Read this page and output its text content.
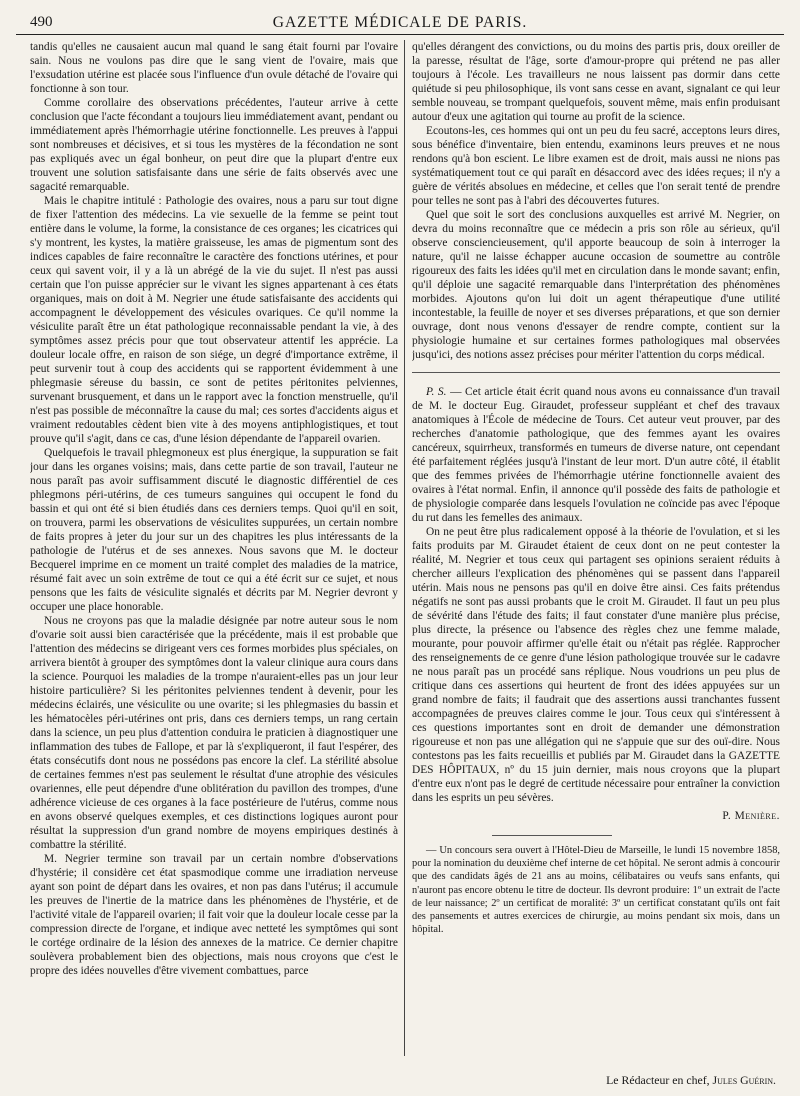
490	GAZETTE MÉDICALE DE PARIS.

tandis qu'elles ne causaient aucun mal quand le sang était fourni par l'ovaire sain. Nous ne voulons pas dire que le sang vient de l'ovaire, mais que l'exsudation utérine est placée sous l'influence d'un ovule détaché de l'ovaire qui fonctionne à son tour.

Comme corollaire des observations précédentes, l'auteur arrive à cette conclusion que l'acte fécondant a toujours lieu immédiatement avant, pendant ou immédiatement après l'hémorrhagie utérine fonctionnelle. Les preuves à l'appui sont nombreuses et décisives, et si tous les mystères de la fécondation ne sont pas expliqués avec un égal bonheur, on peut dire que la plupart d'entre eux trouvent une solution satisfaisante dans une série de faits observés avec une sagacité remarquable.

Mais le chapitre intitulé : Pathologie des ovaires, nous a paru sur tout digne de fixer l'attention des médecins. La vie sexuelle de la femme se peint tout entière dans le volume, la forme, la consistance de ces organes; les cicatrices qui s'y montrent, les kystes, la matière graisseuse, les amas de pigmentum sont des indices capables de faire reconnaître le caractère des fonctions utérines, et pour ceux qui savent voir, il y a là un abrégé de la vie du sujet. Il n'est pas aussi certain que l'on puisse apprécier sur le vivant les signes appartenant à ces états organiques, mais on doit à M. Negrier une étude satisfaisante des accidents qui accompagnent le développement des vésicules ovariques. Ce qu'il nomme la vésiculite paraît être un état pathologique reconnaissable pendant la vie, à des symptômes assez précis pour que tout observateur attentif les apprécie. La douleur locale offre, en raison de son siége, un degré d'importance extrême, il peut survenir tout à coup des accidents qui se rapportent évidemment à une phlegmasie séreuse du bassin, ce sont de petites péritonites pelviennes, survenant brusquement, et dans un le rapport avec la fonction menstruelle, qu'il n'est pas possible de méconnaître la cause du mal; ces sortes d'accidents aigus et vraiment redoutables cèdent bien vite à des moyens antiphlogistiques, et tout prouve qu'il s'agit, dans ce cas, d'une lésion dépendante de l'appareil ovarien.

Quelquefois le travail phlegmoneux est plus énergique, la suppuration se fait jour dans les organes voisins; mais, dans cette partie de son travail, l'auteur ne nous paraît pas avoir suffisamment discuté le diagnostic différentiel de ces phlegmons péri-utérins, de ces tumeurs sanguines qui occupent le fond du bassin et qui ont été si bien étudiés dans ces derniers temps. Quoi qu'il en soit, on trouvera, parmi les observations de vésiculites suppurées, un certain nombre de faits propres à jeter du jour sur un des chapitres les plus intéressants de la pathologie de l'utérus et de ses annexes. Nous savons que M. le docteur Becquerel imprime en ce moment un traité complet des maladies de la matrice, résumé fait avec un soin extrême de tout ce qui a été écrit sur ce sujet, et nous pensons que les faits de vésiculite signalés et décrits par M. Negrier devront y occuper une place honorable.

Nous ne croyons pas que la maladie désignée par notre auteur sous le nom d'ovarie soit aussi bien caractérisée que la précédente, mais il est probable que l'attention des médecins se dirigeant vers ces formes morbides plus spéciales, on arrivera bientôt à grouper des symptômes dont la valeur clinique aura cours dans la science. Pourquoi les maladies de la trompe n'auraient-elles pas un jour leur histoire particulière? Si les péritonites pelviennes tendent à devenir, pour les médecins éclairés, une vésiculite ou une ovarite; si les phlegmasies du bassin et les hématocèles péri-utérines ont pris, dans ces derniers temps, un rang certain dans la science, un peu plus d'attention conduira le praticien à diagnostiquer une inflammation des tubes de Fallope, et par là s'expliqueront, il faut l'espérer, des états consécutifs dont nous ne possédons pas encore la clef. La stérilité absolue de certaines femmes n'est pas seulement le résultat d'une atrophie des vésicules ovariennes, elle peut dépendre d'une oblitération du pavillon des trompes, d'une adhérence vicieuse de ces organes à la face postérieure de l'utérus, comme nous en avons observé quelques exemples, et ces distinctions logiques auront pour résultat la suppression d'un grand nombre de moyens empiriques destinés à combattre la stérilité.

M. Negrier termine son travail par un certain nombre d'observations d'hystérie; il considère cet état spasmodique comme une irradiation nerveuse ayant son point de départ dans les ovaires, et non pas dans l'utérus; il accumule les preuves de l'inertie de la matrice dans les phénomènes de l'hystérie, et de l'activité vitale de l'appareil ovarien; il fait voir que la douleur locale cesse par la compression directe de l'organe, et indique avec netteté les symptômes qui sont le cortége ordinaire de la lésion des annexes de la matrice. Ce dernier chapitre soulèvera probablement bien des objections, mais nous croyons que c'est le propre des idées nouvelles d'être vivement combattues, parce

qu'elles dérangent des convictions, ou du moins des partis pris, doux oreiller de la paresse, résultat de l'âge, sorte d'amour-propre qui prétend ne pas aller toujours à l'école. Les travailleurs ne nous laissent pas dormir dans cette quiétude si peu philosophique, ils vont sans cesse en avant, signalant ce qui leur semble nouveau, se trompant quelquefois, souvent même, mais enfin produisant autour d'eux une agitation qui tourne au profit de la science.

Ecoutons-les, ces hommes qui ont un peu du feu sacré, acceptons leurs dires, sous bénéfice d'inventaire, bien entendu, examinons leurs preuves et ne nous rendons qu'à bon escient. Le libre examen est de droit, mais aussi ne nions pas systématiquement tout ce qui paraît en désaccord avec des idées reçues; il n'y a guère de vérités absolues en médecine, et celles que l'on serait tenté de prendre pour telles ne sont pas à l'abri des découvertes futures.

Quel que soit le sort des conclusions auxquelles est arrivé M. Negrier, on devra du moins reconnaître que ce médecin a pris son rôle au sérieux, qu'il observe consciencieusement, qu'il apporte beaucoup de soin à interroger la nature, qu'il ne laisse échapper aucune occasion de soumettre au contrôle rigoureux des faits les idées qu'il met en circulation dans le monde savant; enfin, qu'il déploie une sagacité remarquable dans l'interprétation des phénomènes morbides. Ajoutons qu'on lui doit un agent thérapeutique d'une utilité incontestable, la feuille de noyer et ses diverses préparations, et que son dernier ouvrage, dont nous venons d'essayer de rendre compte, contient sur la physiologie humaine et sur certaines formes pathologiques mal observées jusqu'ici, des notions assez précises pour mériter l'attention du corps médical.

P. S. — Cet article était écrit quand nous avons eu connaissance d'un travail de M. le docteur Eug. Giraudet, professeur suppléant et chef des travaux anatomiques à l'École de médecine de Tours. Cet auteur veut prouver, par des recherches d'anatomie pathologique, que des femmes ayant les ovaires cancéreux, squirrheux, transformés en tumeurs de diverse nature, ont cependant été parfaitement réglées jusqu'à l'instant de leur mort. D'un autre côté, il établit que des femmes privées de l'hémorrhagie utérine fonctionnelle avaient des ovaires à l'état normal. Enfin, il annonce qu'il possède des faits de pathologie et de physiologie comparée dans lesquels l'ovulation ne coïncide pas avec l'époque du rut dans les femelles des animaux.

On ne peut être plus radicalement opposé à la théorie de l'ovulation, et si les faits produits par M. Giraudet étaient de ceux dont on ne peut contester la réalité, M. Negrier et tous ceux qui partagent ses opinions seraient réduits à chercher ailleurs l'explication des phénomènes qui se passent dans l'appareil utérin. Mais nous ne pensons pas qu'il en doive être ainsi. Ces faits prétendus négatifs ne sont pas aussi probants que le croit M. Giraudet. Il faut un peu plus de sévérité dans l'étude des faits; il faut constater d'une manière plus précise, plus directe, la présence ou l'absence des règles chez une femme malade, mourante, pour pouvoir affirmer qu'elle était ou n'était pas réglée. Rapprocher des renseignements de ce genre d'une lésion pathologique trouvée sur le cadavre ne nous paraît pas un procédé sans réplique. Nous voudrions un peu plus de critique dans ces assertions qui heurtent de front des idées appuyées sur un grand nombre de faits; il faudrait que des assertions aussi tranchantes fussent accompagnées de preuves claires comme le jour. Tous ceux qui s'intéressent à ces questions importantes sont en droit de demander une démonstration rigoureuse et non pas une allégation qui ne s'appuie que sur des ouï-dire. Nous contestons pas les faits recueillis et publiés par M. Giraudet dans la GAZETTE DES HÔPITAUX, nº du 15 juin dernier, mais nous croyons que la plupart d'entre eux n'ont pas le degré de certitude nécessaire pour entraîner la conviction dans les esprits un peu sévères.

P. Menière.

— Un concours sera ouvert à l'Hôtel-Dieu de Marseille, le lundi 15 novembre 1858, pour la nomination du deuxième chef interne de cet hôpital. Ne seront admis à concourir que des candidats âgés de 21 ans au moins, célibataires ou veufs sans enfants, qui n'auront pas encore obtenu le titre de docteur. Ils devront produire: 1º un extrait de l'acte de leur naissance; 2º un certificat de moralité: 3º un certificat constatant qu'ils ont fait des pansements et autres exercices de chirurgie, au moins pendant six mois, dans un hôpital.

Le Rédacteur en chef, Jules Guérin.
